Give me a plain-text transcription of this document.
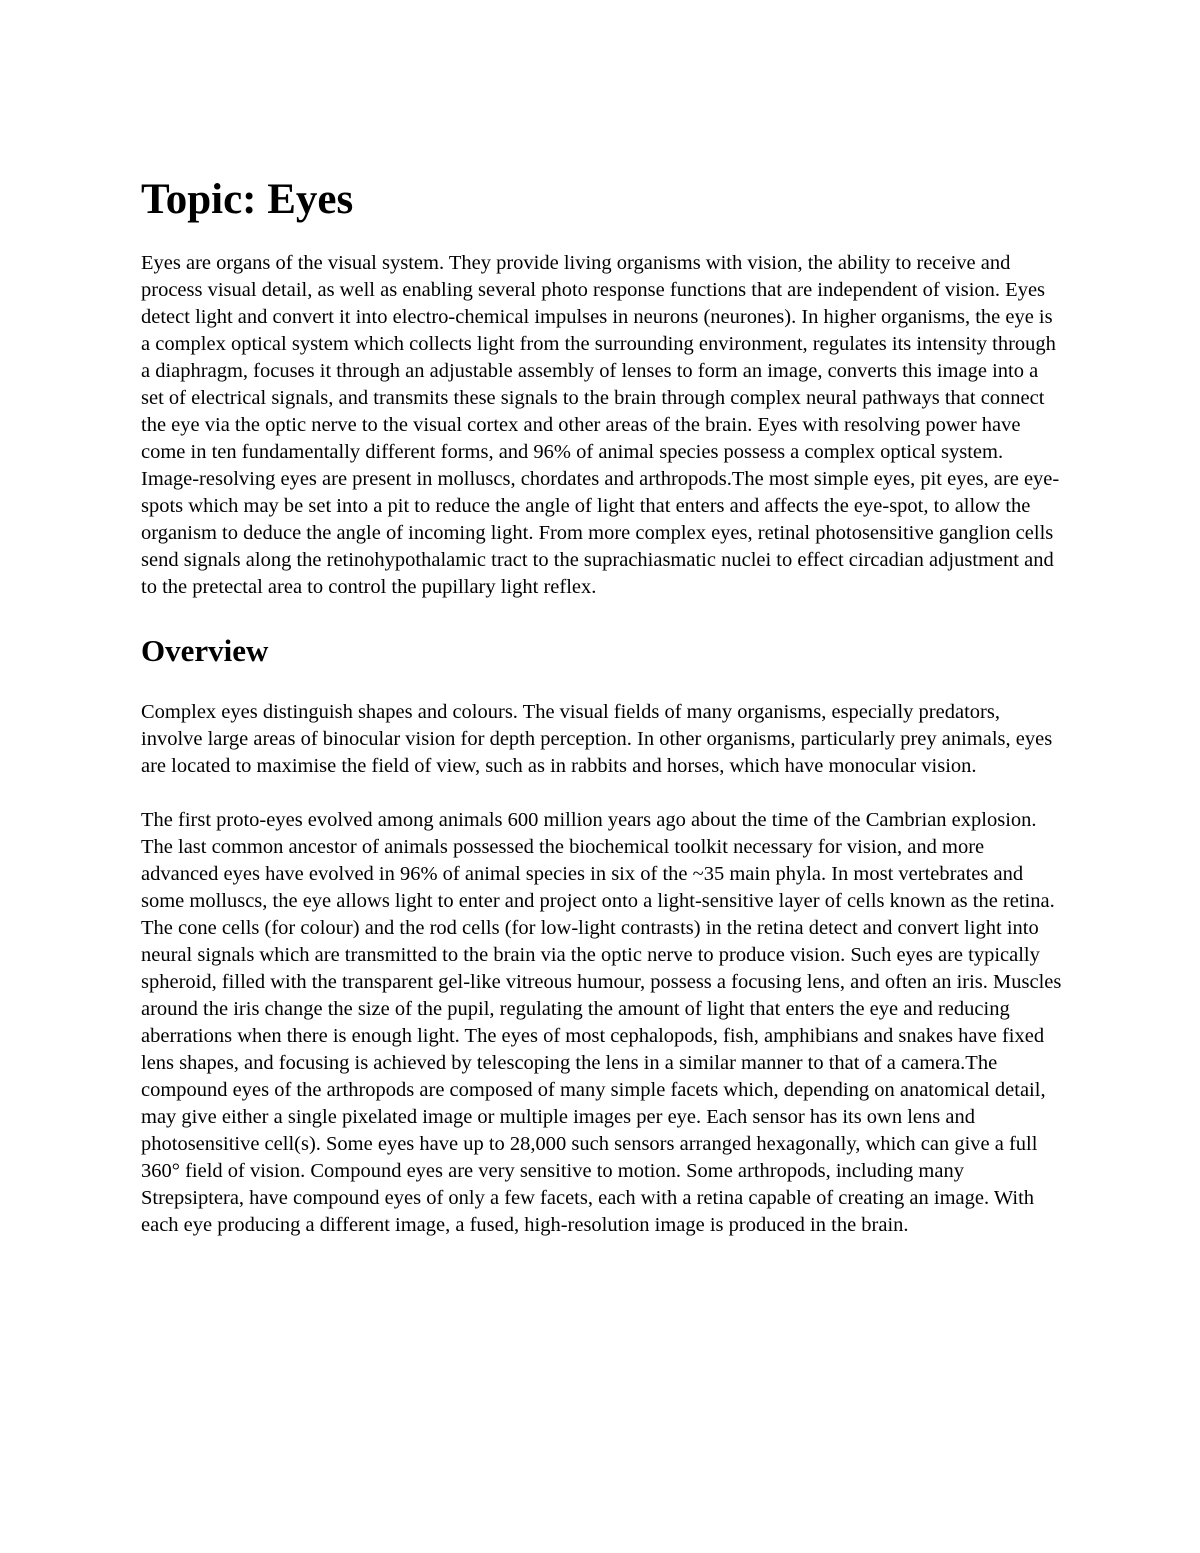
Topic: Eyes

Eyes are organs of the visual system. They provide living organisms with vision, the ability to receive and process visual detail, as well as enabling several photo response functions that are independent of vision. Eyes detect light and convert it into electro-chemical impulses in neurons (neurones). In higher organisms, the eye is a complex optical system which collects light from the surrounding environment, regulates its intensity through a diaphragm, focuses it through an adjustable assembly of lenses to form an image, converts this image into a set of electrical signals, and transmits these signals to the brain through complex neural pathways that connect the eye via the optic nerve to the visual cortex and other areas of the brain. Eyes with resolving power have come in ten fundamentally different forms, and 96% of animal species possess a complex optical system. Image-resolving eyes are present in molluscs, chordates and arthropods.The most simple eyes, pit eyes, are eye-spots which may be set into a pit to reduce the angle of light that enters and affects the eye-spot, to allow the organism to deduce the angle of incoming light. From more complex eyes, retinal photosensitive ganglion cells send signals along the retinohypothalamic tract to the suprachiasmatic nuclei to effect circadian adjustment and to the pretectal area to control the pupillary light reflex.

Overview

Complex eyes distinguish shapes and colours. The visual fields of many organisms, especially predators, involve large areas of binocular vision for depth perception. In other organisms, particularly prey animals, eyes are located to maximise the field of view, such as in rabbits and horses, which have monocular vision.

The first proto-eyes evolved among animals 600 million years ago about the time of the Cambrian explosion. The last common ancestor of animals possessed the biochemical toolkit necessary for vision, and more advanced eyes have evolved in 96% of animal species in six of the ~35 main phyla. In most vertebrates and some molluscs, the eye allows light to enter and project onto a light-sensitive layer of cells known as the retina. The cone cells (for colour) and the rod cells (for low-light contrasts) in the retina detect and convert light into neural signals which are transmitted to the brain via the optic nerve to produce vision. Such eyes are typically spheroid, filled with the transparent gel-like vitreous humour, possess a focusing lens, and often an iris. Muscles around the iris change the size of the pupil, regulating the amount of light that enters the eye and reducing aberrations when there is enough light. The eyes of most cephalopods, fish, amphibians and snakes have fixed lens shapes, and focusing is achieved by telescoping the lens in a similar manner to that of a camera.The compound eyes of the arthropods are composed of many simple facets which, depending on anatomical detail, may give either a single pixelated image or multiple images per eye. Each sensor has its own lens and photosensitive cell(s). Some eyes have up to 28,000 such sensors arranged hexagonally, which can give a full 360° field of vision. Compound eyes are very sensitive to motion. Some arthropods, including many Strepsiptera, have compound eyes of only a few facets, each with a retina capable of creating an image. With each eye producing a different image, a fused, high-resolution image is produced in the brain.
